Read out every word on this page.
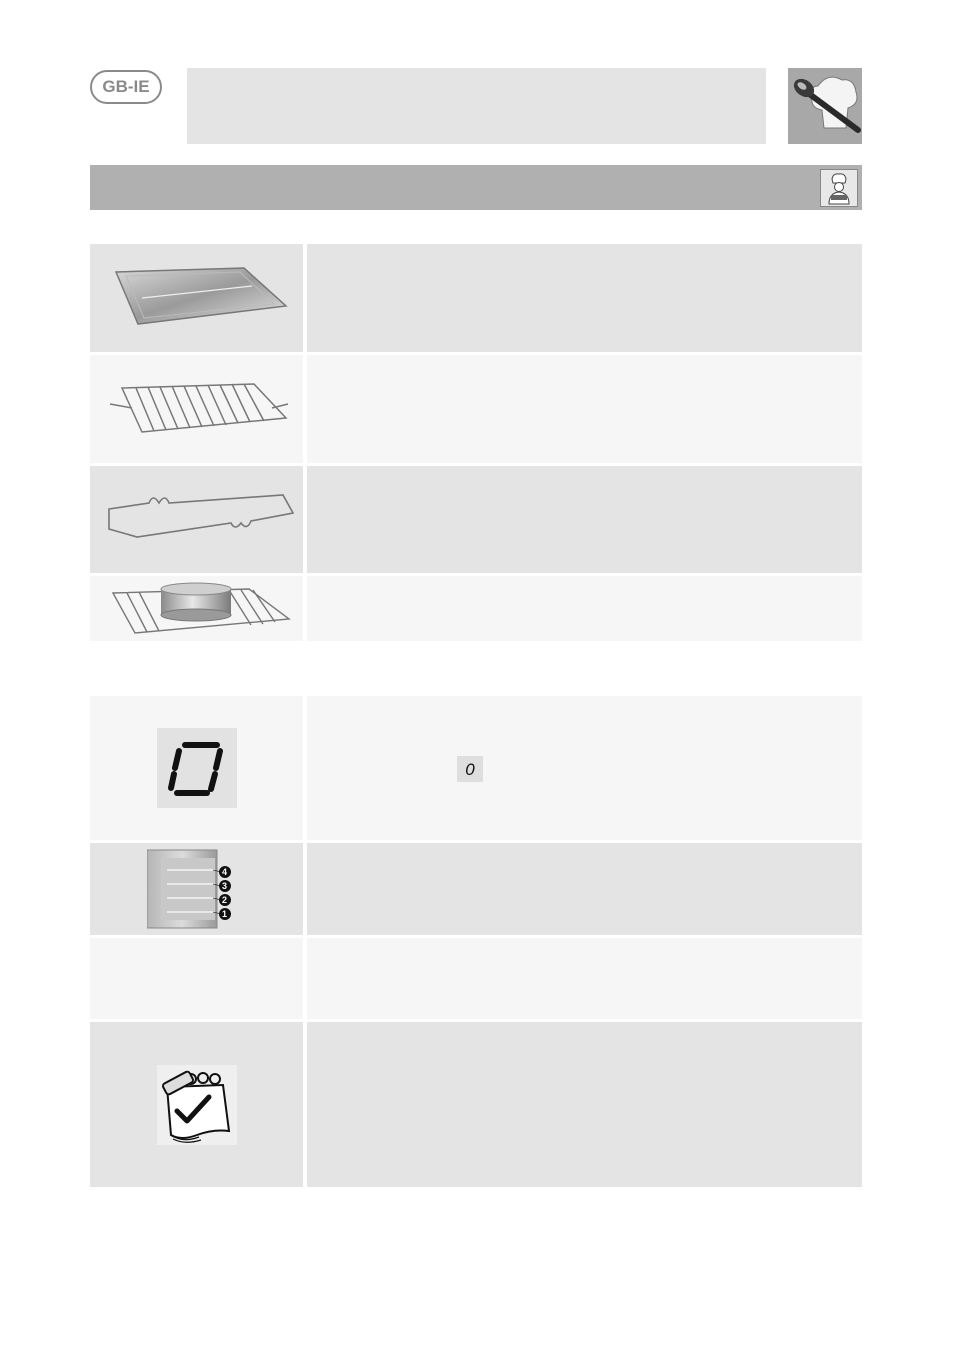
GB-IE
0
4
3
2
1
